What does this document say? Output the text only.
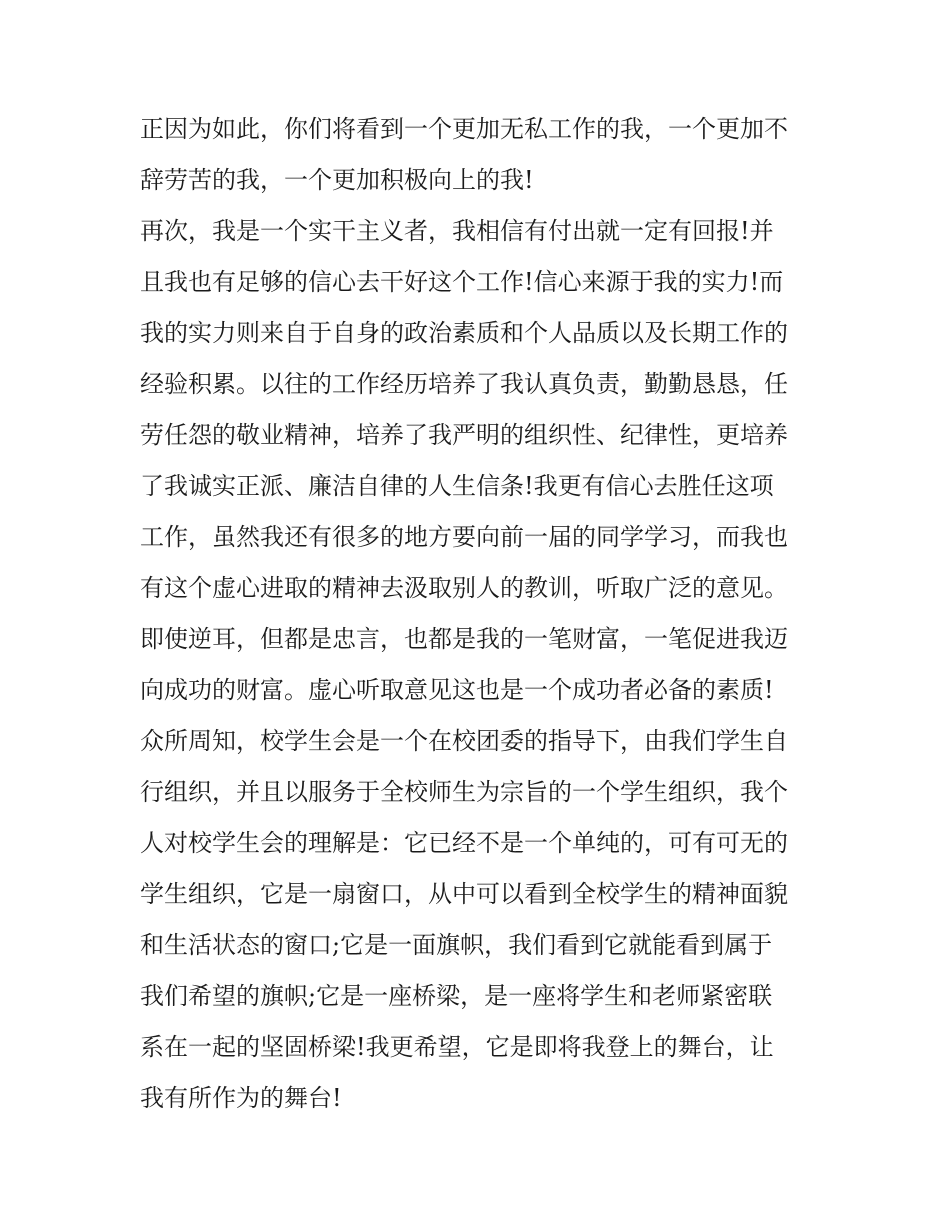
正因为如此，你们将看到一个更加无私工作的我，一个更加不
辞劳苦的我，一个更加积极向上的我!
再次，我是一个实干主义者，我相信有付出就一定有回报!并
且我也有足够的信心去干好这个工作!信心来源于我的实力!而
我的实力则来自于自身的政治素质和个人品质以及长期工作的
经验积累。以往的工作经历培养了我认真负责，勤勤恳恳，任
劳任怨的敬业精神，培养了我严明的组织性、纪律性，更培养
了我诚实正派、廉洁自律的人生信条!我更有信心去胜任这项
工作，虽然我还有很多的地方要向前一届的同学学习，而我也
有这个虚心进取的精神去汲取别人的教训，听取广泛的意见。
即使逆耳，但都是忠言，也都是我的一笔财富，一笔促进我迈
向成功的财富。虚心听取意见这也是一个成功者必备的素质!
众所周知，校学生会是一个在校团委的指导下，由我们学生自
行组织，并且以服务于全校师生为宗旨的一个学生组织，我个
人对校学生会的理解是：它已经不是一个单纯的，可有可无的
学生组织，它是一扇窗口，从中可以看到全校学生的精神面貌
和生活状态的窗口;它是一面旗帜，我们看到它就能看到属于
我们希望的旗帜;它是一座桥梁，是一座将学生和老师紧密联
系在一起的坚固桥梁!我更希望，它是即将我登上的舞台，让
我有所作为的舞台!
